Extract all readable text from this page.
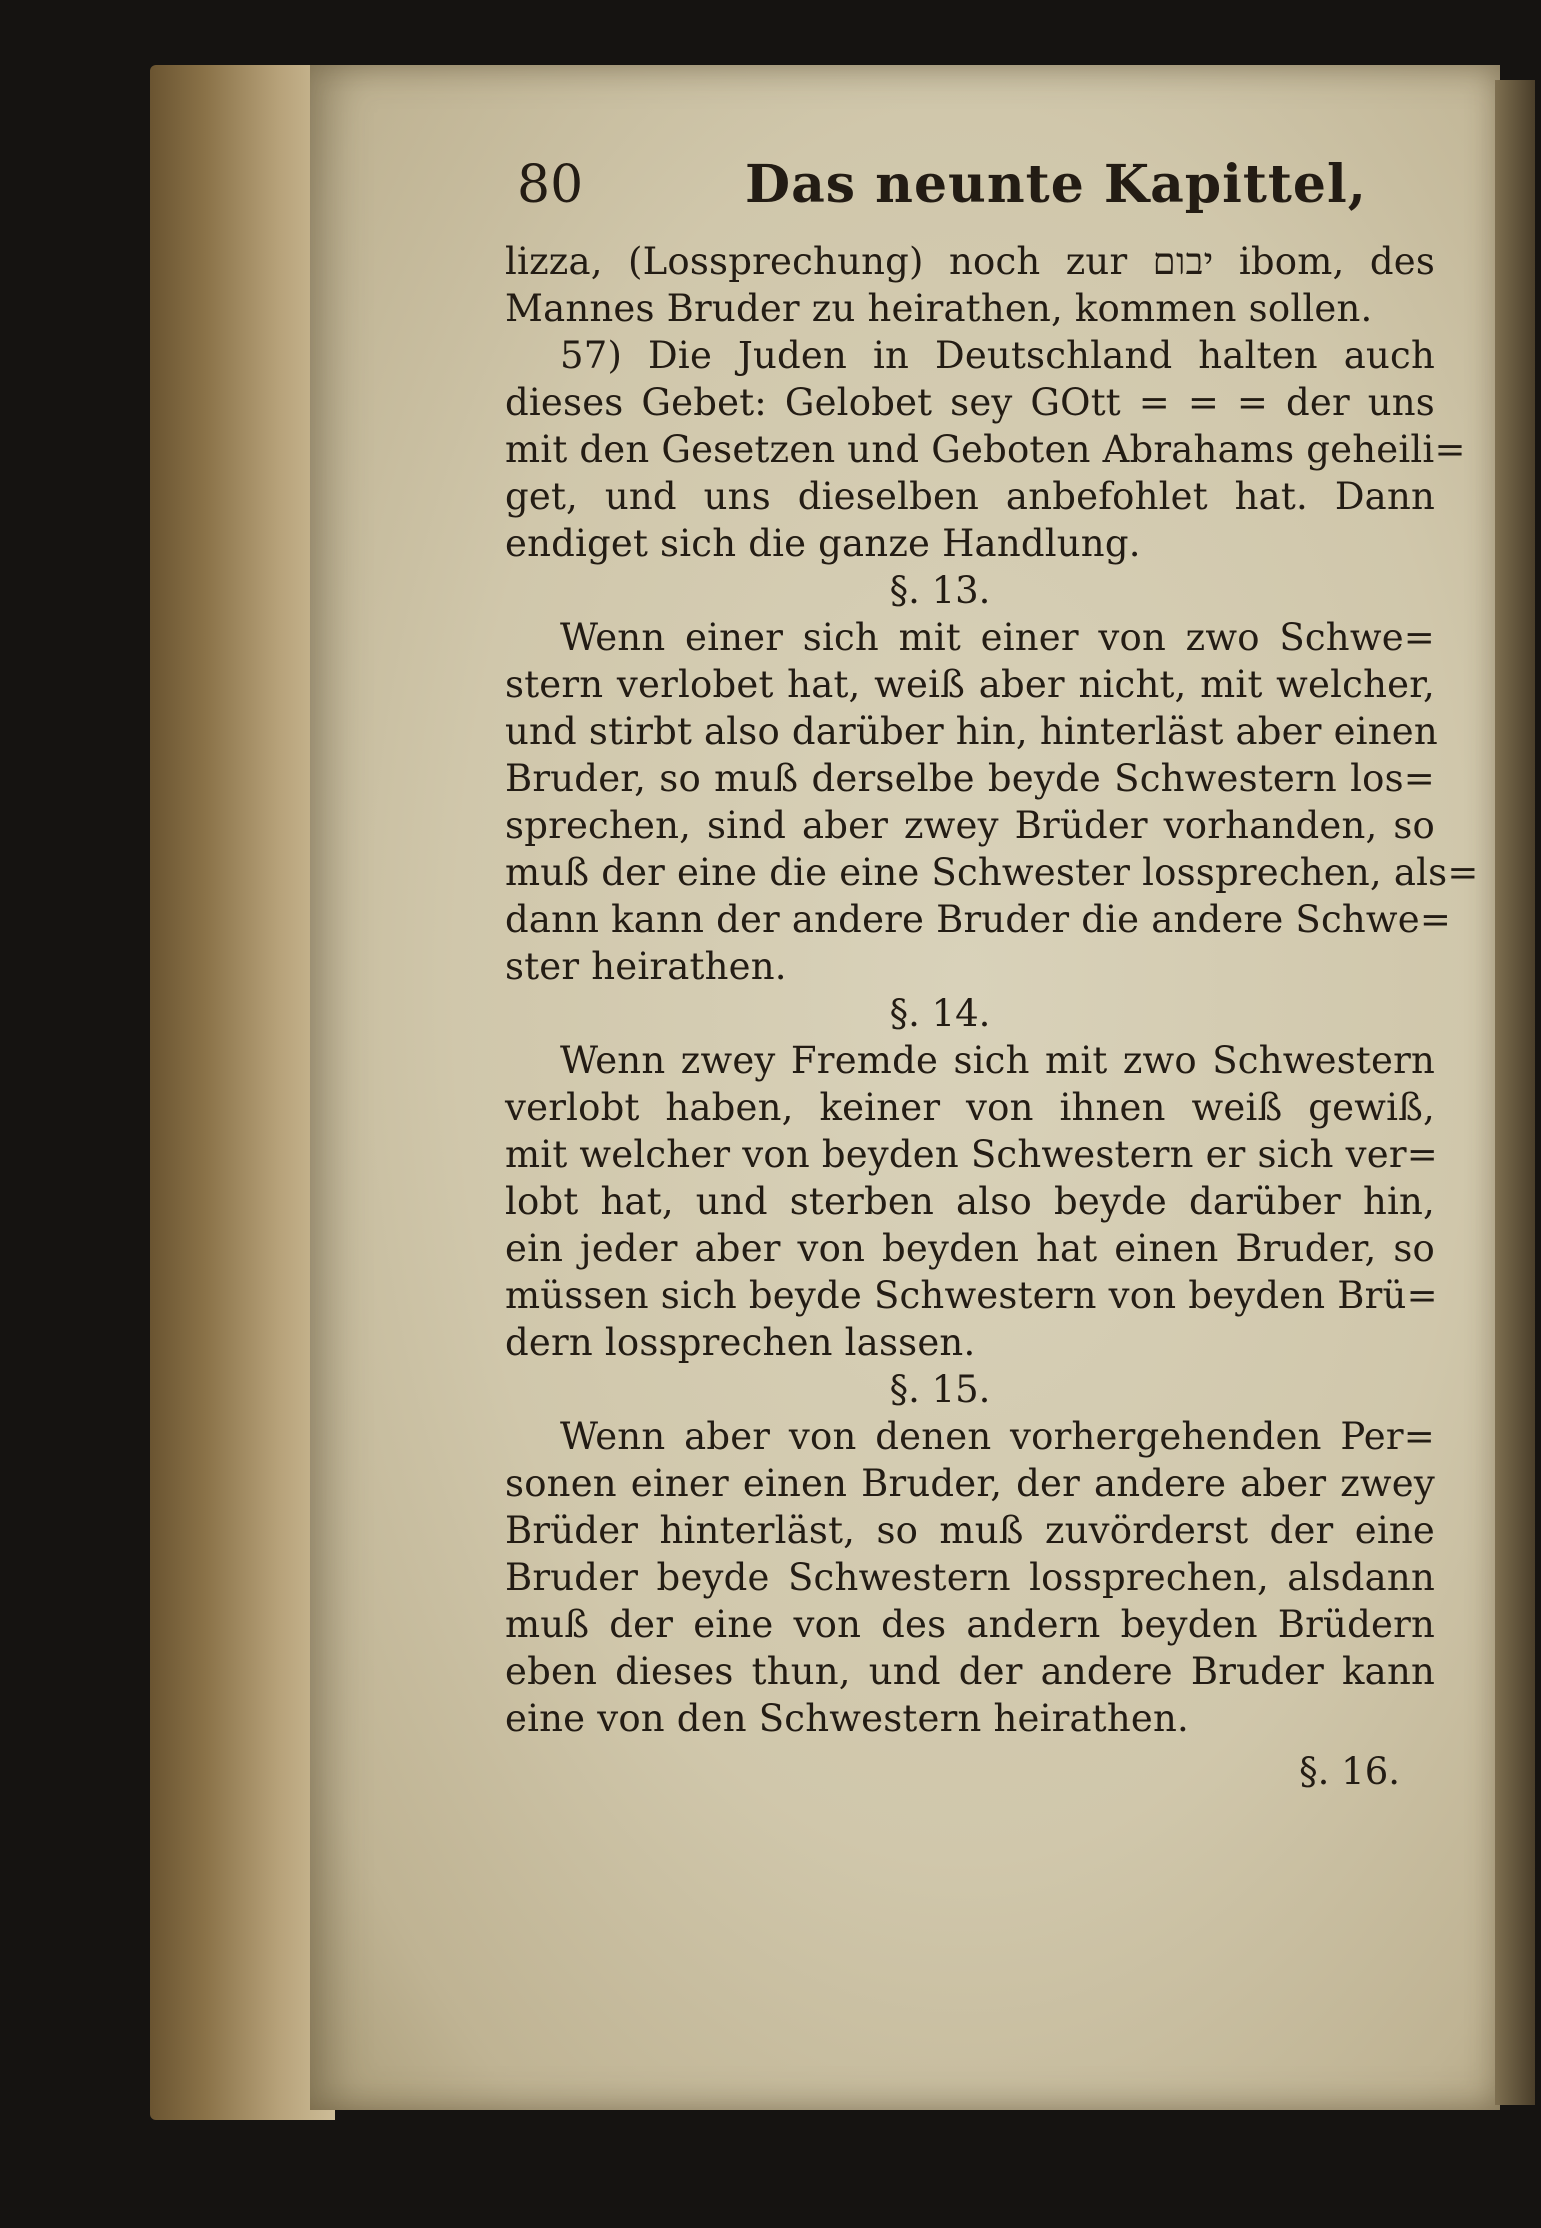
80	Das neunte Kapittel,
lizza, (Lossprechung) noch zur יבום ibom, des
Mannes Bruder zu heirathen, kommen sollen.
57) Die Juden in Deutschland halten auch
dieses Gebet: Gelobet sey GOtt = = = der uns
mit den Gesetzen und Geboten Abrahams geheili=
get, und uns dieselben anbefohlet hat. Dann
endiget sich die ganze Handlung.
§. 13.
Wenn einer sich mit einer von zwo Schwe=
stern verlobet hat, weiß aber nicht, mit welcher,
und stirbt also darüber hin, hinterläst aber einen
Bruder, so muß derselbe beyde Schwestern los=
sprechen, sind aber zwey Brüder vorhanden, so
muß der eine die eine Schwester lossprechen, als=
dann kann der andere Bruder die andere Schwe=
ster heirathen.
§. 14.
Wenn zwey Fremde sich mit zwo Schwestern
verlobt haben, keiner von ihnen weiß gewiß,
mit welcher von beyden Schwestern er sich ver=
lobt hat, und sterben also beyde darüber hin,
ein jeder aber von beyden hat einen Bruder, so
müssen sich beyde Schwestern von beyden Brü=
dern lossprechen lassen.
§. 15.
Wenn aber von denen vorhergehenden Per=
sonen einer einen Bruder, der andere aber zwey
Brüder hinterläst, so muß zuvörderst der eine
Bruder beyde Schwestern lossprechen, alsdann
muß der eine von des andern beyden Brüdern
eben dieses thun, und der andere Bruder kann
eine von den Schwestern heirathen.
§. 16.
